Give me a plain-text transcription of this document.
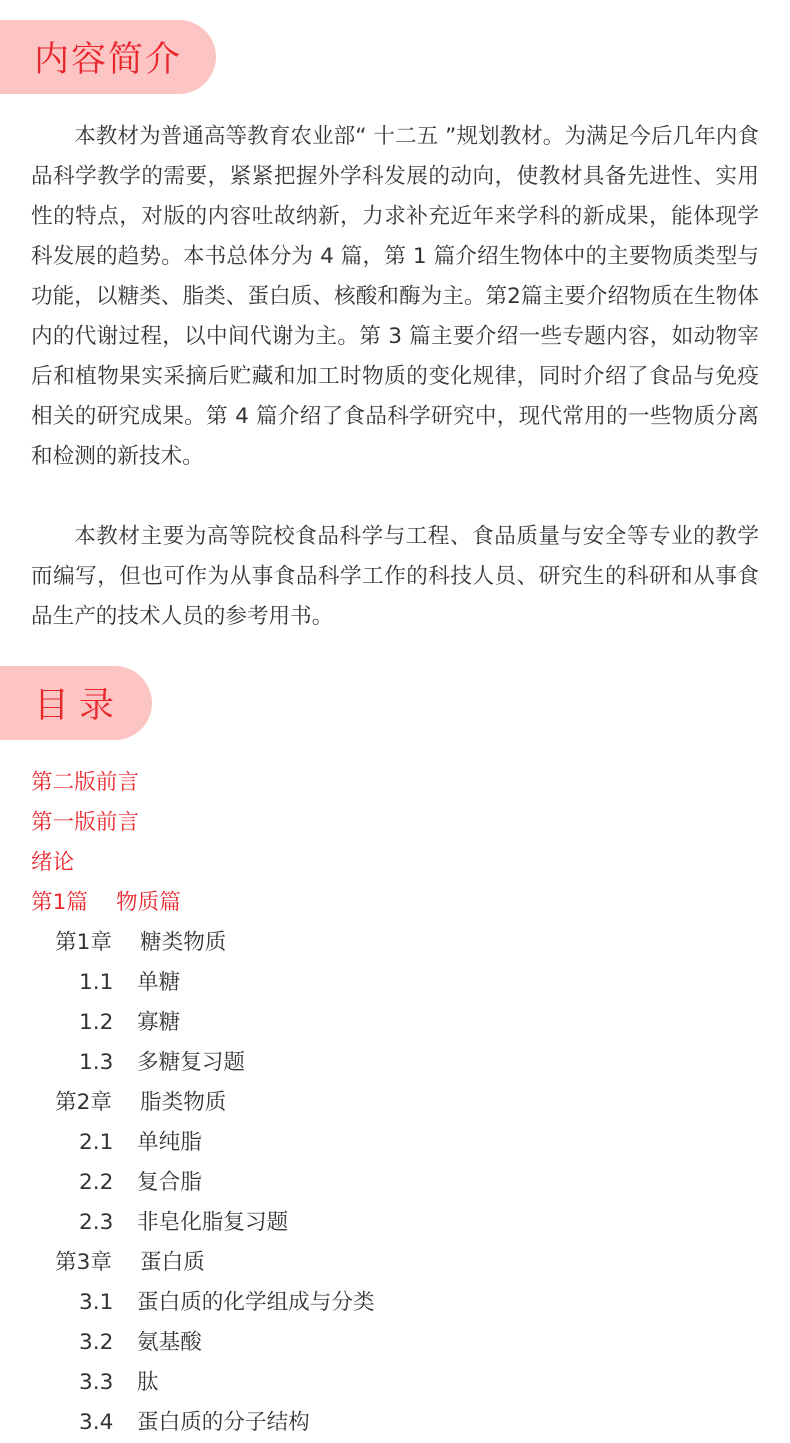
内容简介

本教材为普通高等教育农业部“ 十二五 ”规划教材。为满足今后几年内食品科学教学的需要，紧紧把握外学科发展的动向，使教材具备先进性、实用性的特点，对版的内容吐故纳新，力求补充近年来学科的新成果，能体现学科发展的趋势。本书总体分为 4 篇，第 1 篇介绍生物体中的主要物质类型与功能，以糖类、脂类、蛋白质、核酸和酶为主。第2篇主要介绍物质在生物体内的代谢过程，以中间代谢为主。第 3 篇主要介绍一些专题内容，如动物宰后和植物果实采摘后贮藏和加工时物质的变化规律，同时介绍了食品与免疫相关的研究成果。第 4 篇介绍了食品科学研究中，现代常用的一些物质分离和检测的新技术。

本教材主要为高等院校食品科学与工程、食品质量与安全等专业的教学而编写，但也可作为从事食品科学工作的科技人员、研究生的科研和从事食品生产的技术人员的参考用书。

目录
第二版前言
第一版前言
绪论
第1篇 物质篇
第1章 糖类物质
1.1 单糖
1.2 寡糖
1.3 多糖复习题
第2章 脂类物质
2.1 单纯脂
2.2 复合脂
2.3 非皂化脂复习题
第3章 蛋白质
3.1 蛋白质的化学组成与分类
3.2 氨基酸
3.3 肽
3.4 蛋白质的分子结构
